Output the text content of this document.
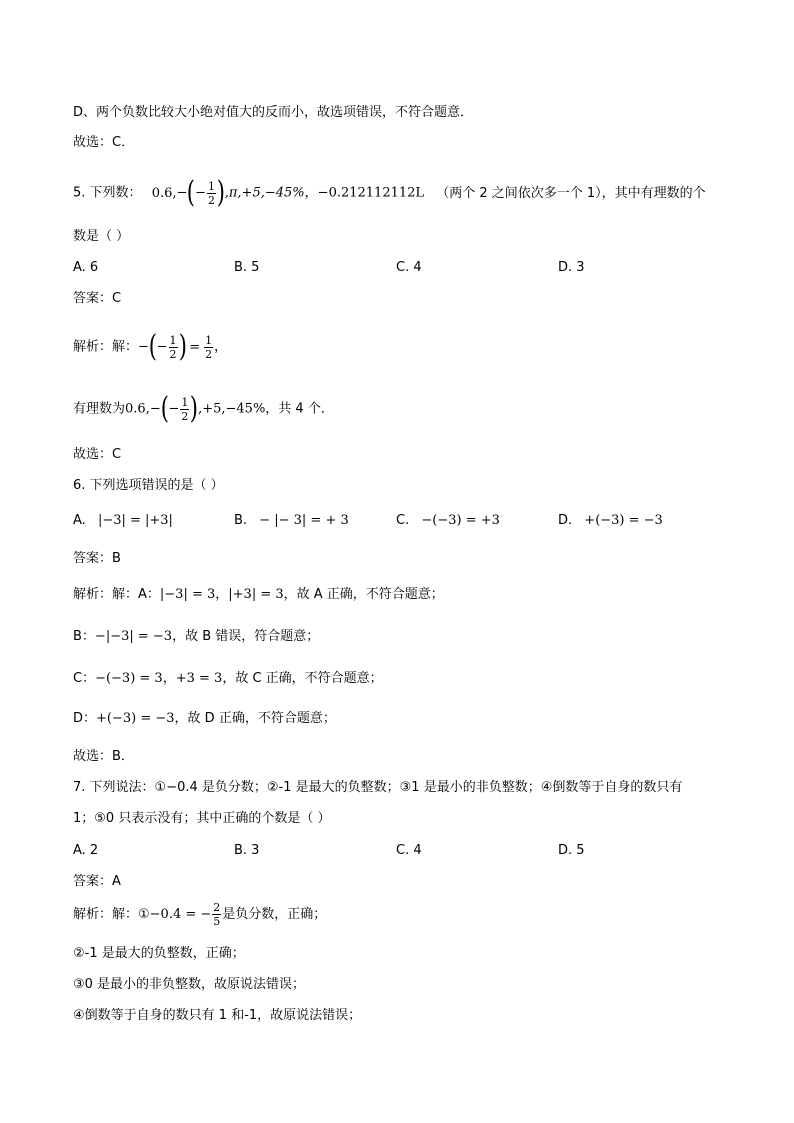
D、两个负数比较大小绝对值大的反而小，故选项错误，不符合题意．
故选：C．
5. 下列数： $0.6,-(- \frac{1}{2} ),\pi,+5,-45\%$，−0.212112112L （两个 2 之间依次多一个 1），其中有理数的个
数是（ ）
A. 6	B. 5	C. 4	D. 3
答案：C
解析：解：−(− $\frac{1}{2}$ ) = $\frac{1}{2}$ ，
有理数为$0.6,-(- \frac{1}{2} ),+5,-45\%$，共 4 个．
故选：C
6. 下列选项错误的是（ ）
A. |−3| = |+3|	B. − |− 3| = + 3	C. −(−3) = +3	D. +(−3) = −3
答案：B
解析：解：A：|−3| = 3，|+3| = 3，故 A 正确，不符合题意；
B：−|−3| = −3，故 B 错误，符合题意；
C：−(−3) = 3，+3 = 3，故 C 正确，不符合题意；
D：+(−3) = −3，故 D 正确，不符合题意；
故选：B．
7. 下列说法：①−0.4 是负分数；②-1 是最大的负整数；③1 是最小的非负整数；④倒数等于自身的数只有
1；⑤0 只表示没有；其中正确的个数是（ ）
A. 2	B. 3	C. 4	D. 5
答案：A
解析：解：①−0.4 = − $\frac{2}{5}$ 是负分数，正确；
②-1 是最大的负整数，正确；
③0 是最小的非负整数，故原说法错误；
④倒数等于自身的数只有 1 和-1，故原说法错误；
